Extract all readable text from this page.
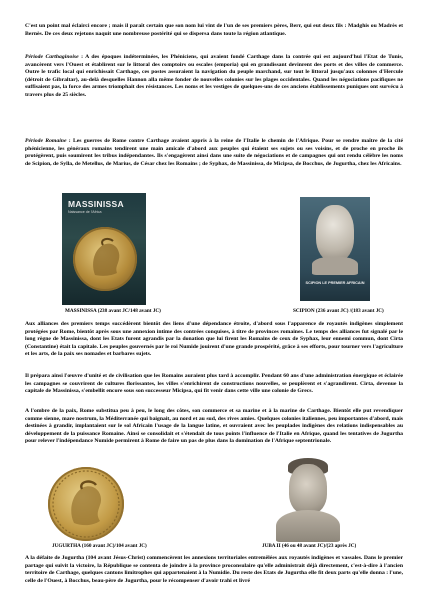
C'est un point mal éclairci encore ; mais il paraît certain que son nom lui vint de l'un de ses premiers pères, Berr, qui eut deux fils : Madghis ou Madrès et Bernès. De ces deux rejetons naquit une nombreuse postérité qui se dispersa dans toute la région atlantique.

Période Carthaginoise : A des époques indéterminées, les Phéniciens, qui avaient fondé Carthage dans la contrée qui est aujourd'hui l'Etat de Tunis, avancèrent vers l'Ouest et établirent sur le littoral des comptoirs ou escales (emporia) qui en grandissant devinrent des ports et des villes de commerce. Outre le trafic local qui enrichissait Carthage, ces postes assuraient la navigation du peuple marchand, sur tout le littoral jusqu'aux colonnes d'Hercule (détroit de Gibraltar), au-delà desquelles Hannon alla même fonder de nouvelles colonies sur les plages occidentales. Quand les négociations pacifiques ne suffisaient pas, la force des armes triomphait des résistances. Les noms et les vestiges de quelques-uns de ces anciens établissements puniques ont survécu à travers plus de 25 siècles.

Période Romaine : Les guerres de Rome contre Carthage avaient appris à la reine de l'Italie le chemin de l'Afrique. Pour se rendre maître de la cité phénicienne, les généraux romains tendirent une main amicale d'abord aux peuples qui étaient ses sujets ou ses voisins, et de proche en proche ils protégèrent, puis soumirent les tribus indépendantes. Ils s'engagèrent ainsi dans une suite de négociations et de campagnes qui ont rendu célèbre les noms de Scipion, de Sylla, de Metellus, de Marius, de César chez les Romains ; de Syphax, de Massinissa, de Micipsa, de Bocchus, de Jugurtha, chez les Africains.

MASSINISSA
Naissance de l'Africa
SCIPION LE PREMIER AFRICAIN
MASSINISSA (238 avant JC/148 avant JC)	SCIPION (236 avant JC) /(183 avant JC)

Aux alliances des premiers temps succédèrent bientôt des liens d'une dépendance étroite, d'abord sous l'apparence de royautés indigènes simplement protégées par Rome, bientôt après sous une annexion intime des contrées conquises, à titre de provinces romaines. Le temps des alliances fut signalé par le long règne de Massinissa, dont les Etats furent agrandis par la donation que lui firent les Romains de ceux de Syphax, leur ennemi commun, dont Cirta (Constantine) était la capitale. Les peuples gouvernés par le roi Numide jouirent d'une grande prospérité, grâce à ses efforts, pour tourner vers l'agriculture et les arts, de la paix ses nomades et barbares sujets.

Il prépara ainsi l'œuvre d'unité et de civilisation que les Romains auraient plus tard à accomplir. Pendant 60 ans d'une administration énergique et éclairée les campagnes se couvrirent de cultures florissantes, les villes s'enrichirent de constructions nouvelles, se peuplèrent et s'agrandirent. Cirta, devenue la capitale de Massinissa, s'embellit encore sous son successeur Micipsa, qui fit venir dans cette ville une colonie de Grecs.

A l'ombre de la paix, Rome substitua peu à peu, le long des côtes, son commerce et sa marine et à la marine de Carthage. Bientôt elle put revendiquer comme sienne, mare nostrum, la Méditerranée qui baignait, au nord et au sud, des rives amies. Quelques colonies italiennes, peu importantes d'abord, mais destinées à grandir, implantaient sur le sol Africain l'usage de la langue latine, et ouvraient avec les peuplades indigènes des relations indispensables au développement de la puissance Romaine. Ainsi se consolidait et s'étendait de tous points l'influence de l'Italie en Afrique, quand les tentatives de Jugurtha pour relever l'indépendance Numide permirent à Rome de faire un pas de plus dans la domination de l'Afrique septentrionale.

JUGURTHA (160 avant JC)/104 avant JC)	JUBA II (46 ou 48 avant JC)/(23 après JC)

A la défaite de Jugurtha (104 avant Jésus-Christ) commencèrent les annexions territoriales entremêlées aux royautés indigènes et vassales. Dans le premier partage qui suivit la victoire, la République se contenta de joindre à la province proconsulaire qu'elle administrait déjà directement, c'est-à-dire à l'ancien territoire de Carthage, quelques cantons limitrophes qui appartenaient à la Numidie. Du reste des Etats de Jugurtha elle fit deux parts qu'elle donna : l'une, celle de l'Ouest, à Bocchus, beau-père de Jugurtha, pour le récompenser d'avoir trahi et livré
